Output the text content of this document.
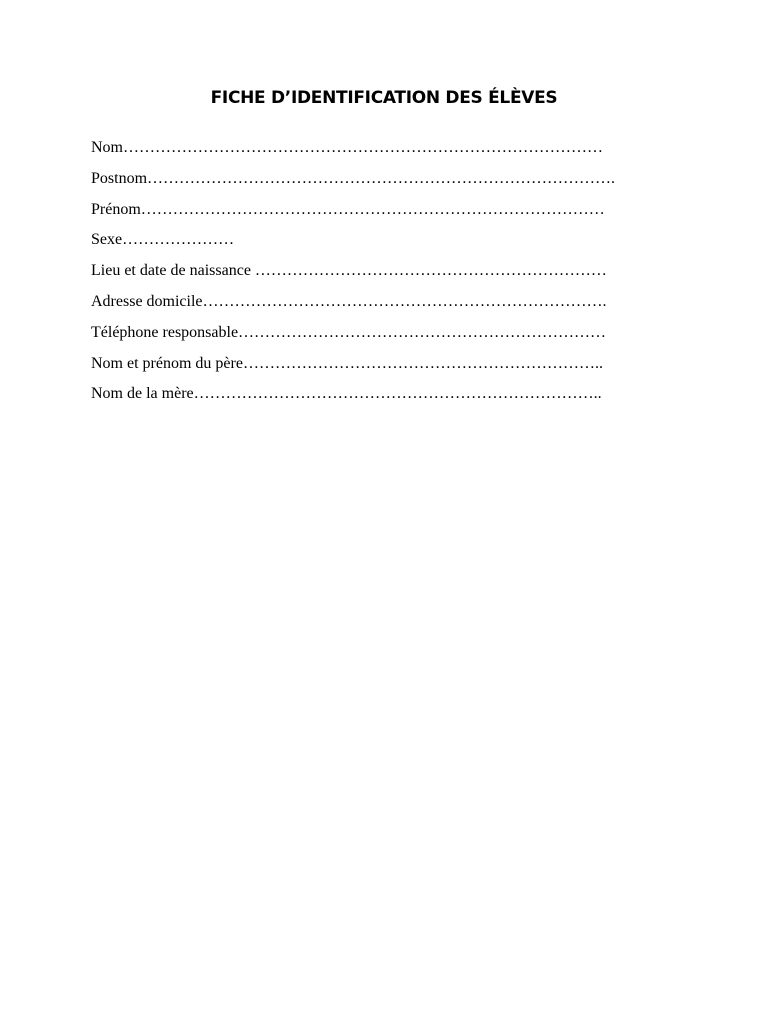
FICHE D’IDENTIFICATION DES ÉLÈVES
Nom………………………………………………………………………………
Postnom…………………………………………………………………………….
Prénom……………………………………………………………………………
Sexe…………………
Lieu et date de naissance …………………………………………………………
Adresse domicile………………………………………………………………….
Téléphone responsable……………………………………………………………
Nom et prénom du père…………………………………………………………..
Nom de la mère…………………………………………………………………..
